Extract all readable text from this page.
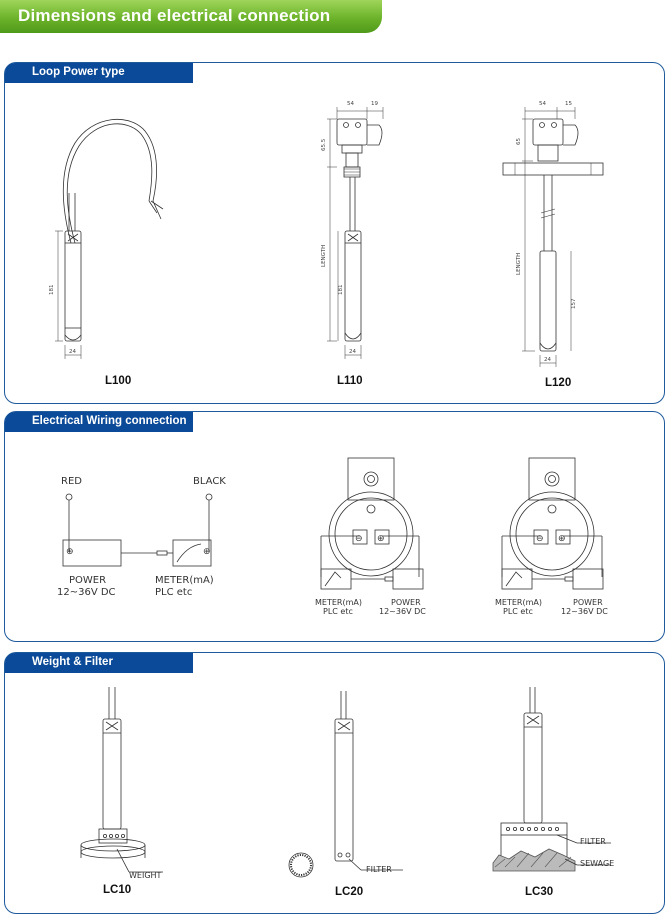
Dimensions and electrical connection
Loop Power type
181
24
L100
54	19
65.5
LENGTH
181
24
L110
54	15
65
LENGTH
157
24
L120
Electrical Wiring connection
⊕	⊕
⊖ ⊕	⊖ ⊕
RED	BLACK
POWER
12~36V DC
METER(mA)
PLC etc
METER(mA)
PLC etc
POWER
12~36V DC
METER(mA)
PLC etc
POWER
12~36V DC
Weight & Filter
WEIGHT
LC10
FILTER
LC20
FILTER
SEWAGE
LC30
